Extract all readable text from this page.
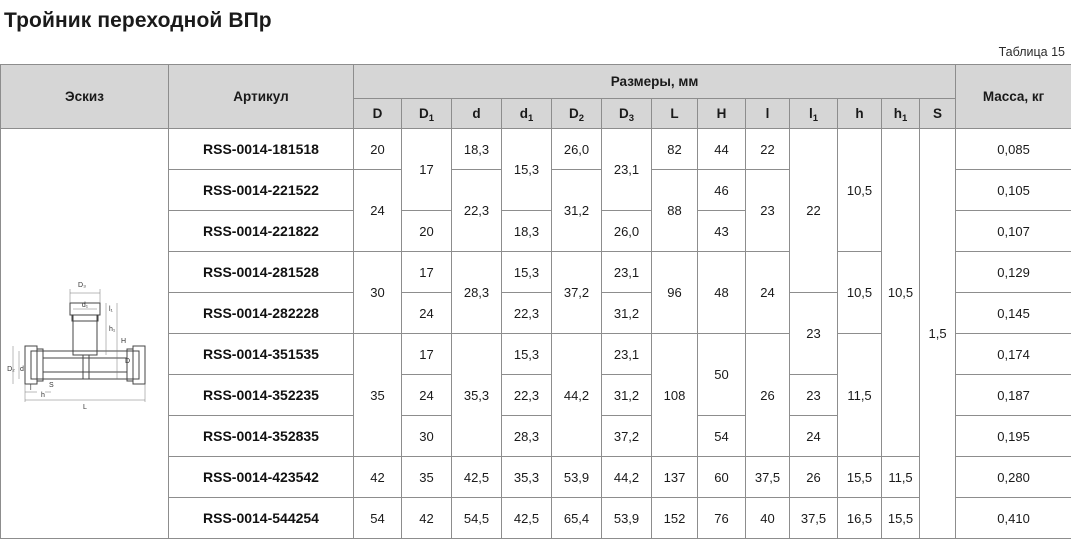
Тройник переходной ВПр
Таблица 15
Эскиз	Артикул	Размеры, мм													Масса, кг
		D	$D_1$	d	$d_1$	$D_2$	$D_3$	L	H	l	$l_1$	h	$h_1$	S	

D₃
d₁
l₁
h₁
H
D
D₂ d
S
l
h
L
	RSS-0014-181518	20	17	18,3	15,3	26,0	23,1	82	44	22	22	10,5	10,5	1,5	0,085
	RSS-0014-221522	24		22,3		31,2		88	46	23					0,105
	RSS-0014-221822		20		18,3		26,0		43						0,107
	RSS-0014-281528	30	17	28,3	15,3	37,2	23,1	96	48	24		10,5			0,129
	RSS-0014-282228		24		22,3		31,2				23				0,145
	RSS-0014-351535	35	17	35,3	15,3	44,2	23,1	108	50	26		11,5			0,174
	RSS-0014-352235		24		22,3		31,2				23				0,187
	RSS-0014-352835		30		28,3		37,2		54		24				0,195
	RSS-0014-423542	42	35	42,5	35,3	53,9	44,2	137	60	37,5	26	15,5	11,5		0,280
	RSS-0014-544254	54	42	54,5	42,5	65,4	53,9	152	76	40	37,5	16,5	15,5		0,410
